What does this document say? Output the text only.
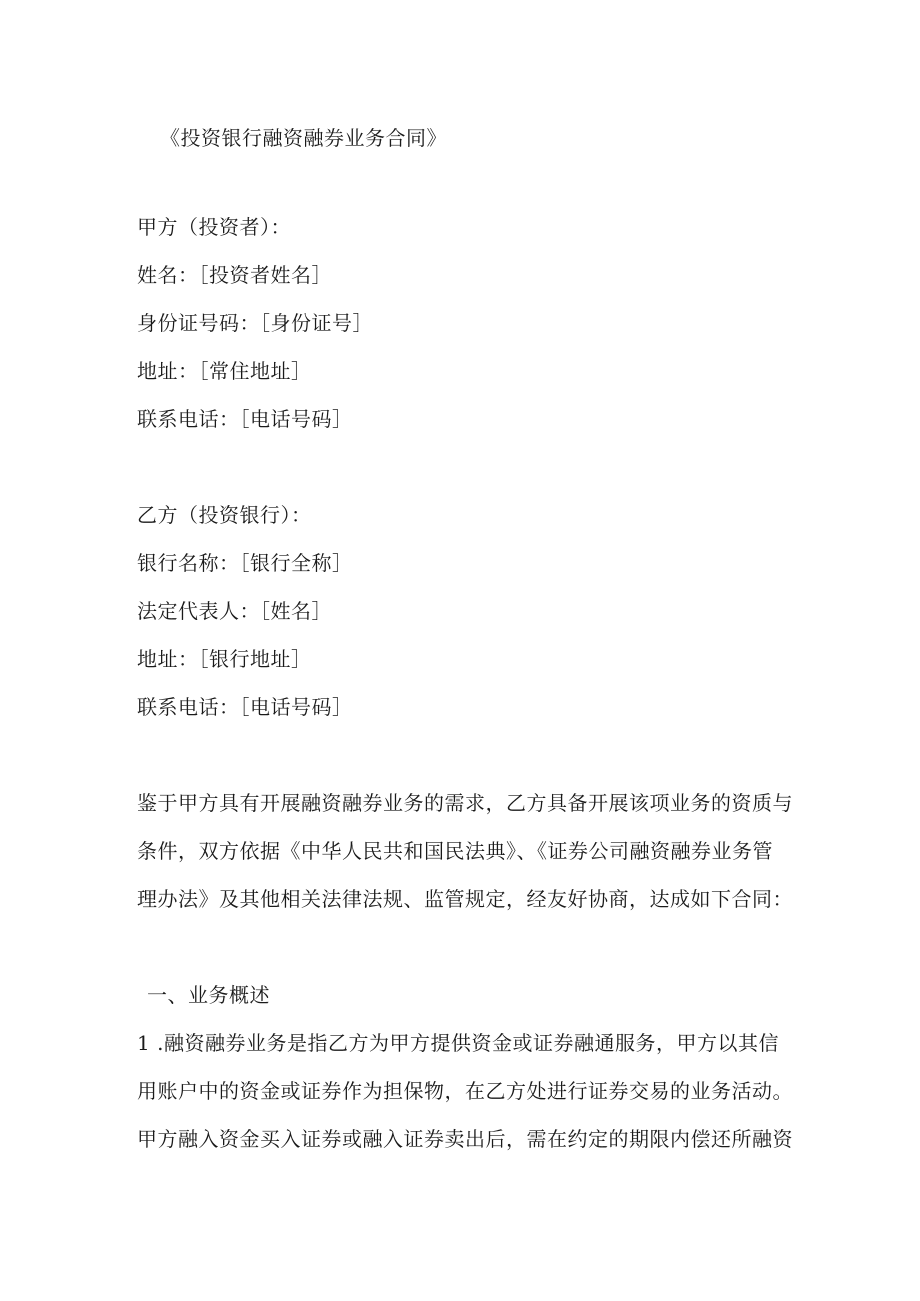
《投资银行融资融券业务合同》
甲方（投资者）：
姓名：［投资者姓名］
身份证号码：［身份证号］
地址：［常住地址］
联系电话：［电话号码］
乙方（投资银行）：
银行名称：［银行全称］
法定代表人：［姓名］
地址：［银行地址］
联系电话：［电话号码］
鉴于甲方具有开展融资融券业务的需求，乙方具备开展该项业务的资质与
条件，双方依据《中华人民共和国民法典》、《证券公司融资融券业务管
理办法》及其他相关法律法规、监管规定，经友好协商，达成如下合同：
一、业务概述
1 .融资融券业务是指乙方为甲方提供资金或证券融通服务，甲方以其信
用账户中的资金或证券作为担保物，在乙方处进行证券交易的业务活动。
甲方融入资金买入证券或融入证券卖出后，需在约定的期限内偿还所融资
